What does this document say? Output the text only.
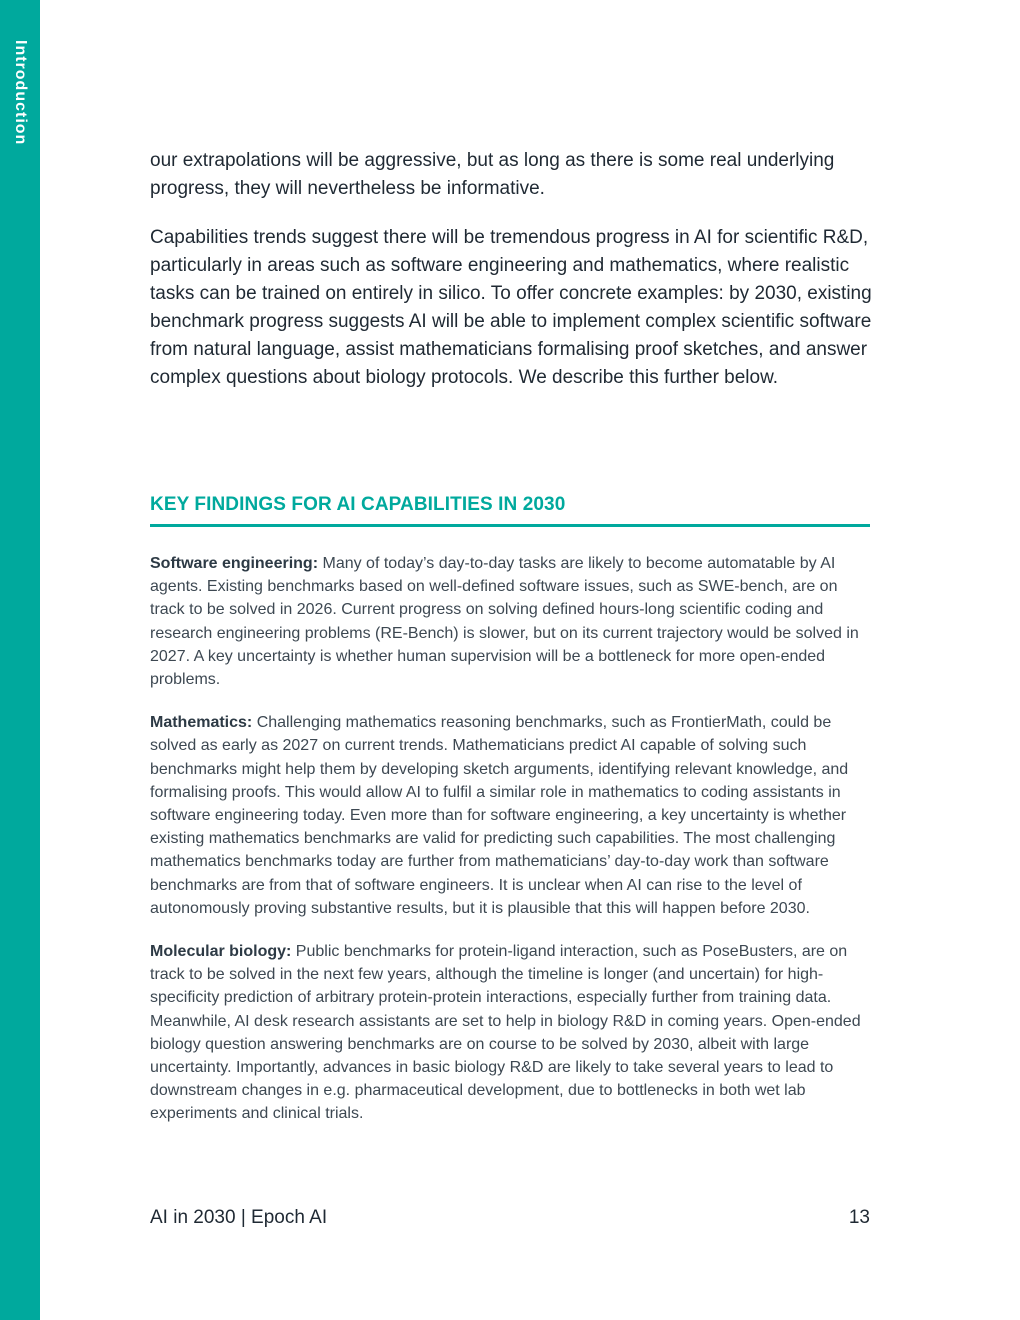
Introduction

our extrapolations will be aggressive, but as long as there is some real underlying progress, they will nevertheless be informative.

Capabilities trends suggest there will be tremendous progress in AI for scientific R&D, particularly in areas such as software engineering and mathematics, where realistic tasks can be trained on entirely in silico. To offer concrete examples: by 2030, existing benchmark progress suggests AI will be able to implement complex scientific software from natural language, assist mathematicians formalising proof sketches, and answer complex questions about biology protocols. We describe this further below.

KEY FINDINGS FOR AI CAPABILITIES IN 2030

Software engineering: Many of today’s day-to-day tasks are likely to become automatable by AI agents. Existing benchmarks based on well-defined software issues, such as SWE-bench, are on track to be solved in 2026. Current progress on solving defined hours-long scientific coding and research engineering problems (RE-Bench) is slower, but on its current trajectory would be solved in 2027. A key uncertainty is whether human supervision will be a bottleneck for more open-ended problems.

Mathematics: Challenging mathematics reasoning benchmarks, such as FrontierMath, could be solved as early as 2027 on current trends. Mathematicians predict AI capable of solving such benchmarks might help them by developing sketch arguments, identifying relevant knowledge, and formalising proofs. This would allow AI to fulfil a similar role in mathematics to coding assistants in software engineering today. Even more than for software engineering, a key uncertainty is whether existing mathematics benchmarks are valid for predicting such capabilities. The most challenging mathematics benchmarks today are further from mathematicians’ day-to-day work than software benchmarks are from that of software engineers. It is unclear when AI can rise to the level of autonomously proving substantive results, but it is plausible that this will happen before 2030.

Molecular biology: Public benchmarks for protein-ligand interaction, such as PoseBusters, are on track to be solved in the next few years, although the timeline is longer (and uncertain) for high-specificity prediction of arbitrary protein-protein interactions, especially further from training data. Meanwhile, AI desk research assistants are set to help in biology R&D in coming years. Open-ended biology question answering benchmarks are on course to be solved by 2030, albeit with large uncertainty. Importantly, advances in basic biology R&D are likely to take several years to lead to downstream changes in e.g. pharmaceutical development, due to bottlenecks in both wet lab experiments and clinical trials.

AI in 2030 | Epoch AI	13
